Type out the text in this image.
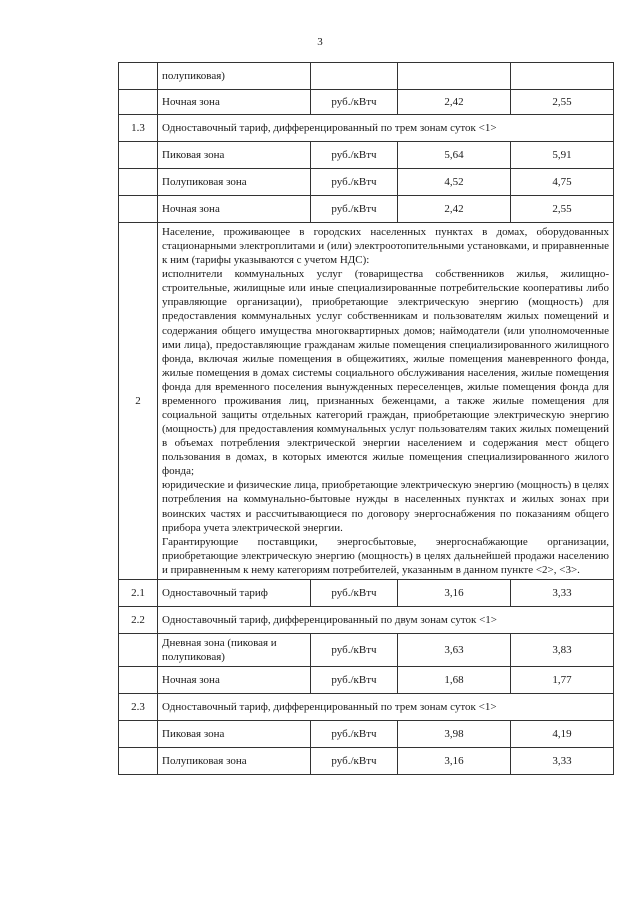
3
	полупиковая)			
	Ночная зона	руб./кВтч	2,42	2,55
1.3	Одноставочный тариф, дифференцированный по трем зонам суток <1>			
	Пиковая зона	руб./кВтч	5,64	5,91
	Полупиковая зона	руб./кВтч	4,52	4,75
	Ночная зона	руб./кВтч	2,42	2,55
2	Население, проживающее в городских населенных пунктах в домах, оборудованных стационарными электроплитами и (или) электроотопительными установками, и приравненные к ним (тарифы указываются с учетом НДС):
исполнители коммунальных услуг (товарищества собственников жилья, жилищно-строительные, жилищные или иные специализированные потребительские кооперативы либо управляющие организации), приобретающие электрическую энергию (мощность) для предоставления коммунальных услуг собственникам и пользователям жилых помещений и содержания общего имущества многоквартирных домов; наймодатели (или уполномоченные ими лица), предоставляющие гражданам жилые помещения специализированного жилищного фонда, включая жилые помещения в общежитиях, жилые помещения маневренного фонда, жилые помещения в домах системы социального обслуживания населения, жилые помещения фонда для временного поселения вынужденных переселенцев, жилые помещения фонда для временного проживания лиц, признанных беженцами, а также жилые помещения для социальной защиты отдельных категорий граждан, приобретающие электрическую энергию (мощность) для предоставления коммунальных услуг пользователям таких жилых помещений в объемах потребления электрической энергии населением и содержания мест общего пользования в домах, в которых имеются жилые помещения специализированного жилого фонда;
юридические и физические лица, приобретающие электрическую энергию (мощность) в целях потребления на коммунально-бытовые нужды в населенных пунктах и жилых зонах при воинских частях и рассчитывающиеся по договору энергоснабжения по показаниям общего прибора учета электрической энергии.
Гарантирующие поставщики, энергосбытовые, энергоснабжающие организации, приобретающие электрическую энергию (мощность) в целях дальнейшей продажи населению и приравненным к нему категориям потребителей, указанным в данном пункте <2>, <3>.			

2.1	Одноставочный тариф	руб./кВтч	3,16	3,33
2.2	Одноставочный тариф, дифференцированный по двум зонам суток <1>			
	Дневная зона (пиковая и полупиковая)	руб./кВтч	3,63	3,83
	Ночная зона	руб./кВтч	1,68	1,77
2.3	Одноставочный тариф, дифференцированный по трем зонам суток <1>			
	Пиковая зона	руб./кВтч	3,98	4,19
	Полупиковая зона	руб./кВтч	3,16	3,33
